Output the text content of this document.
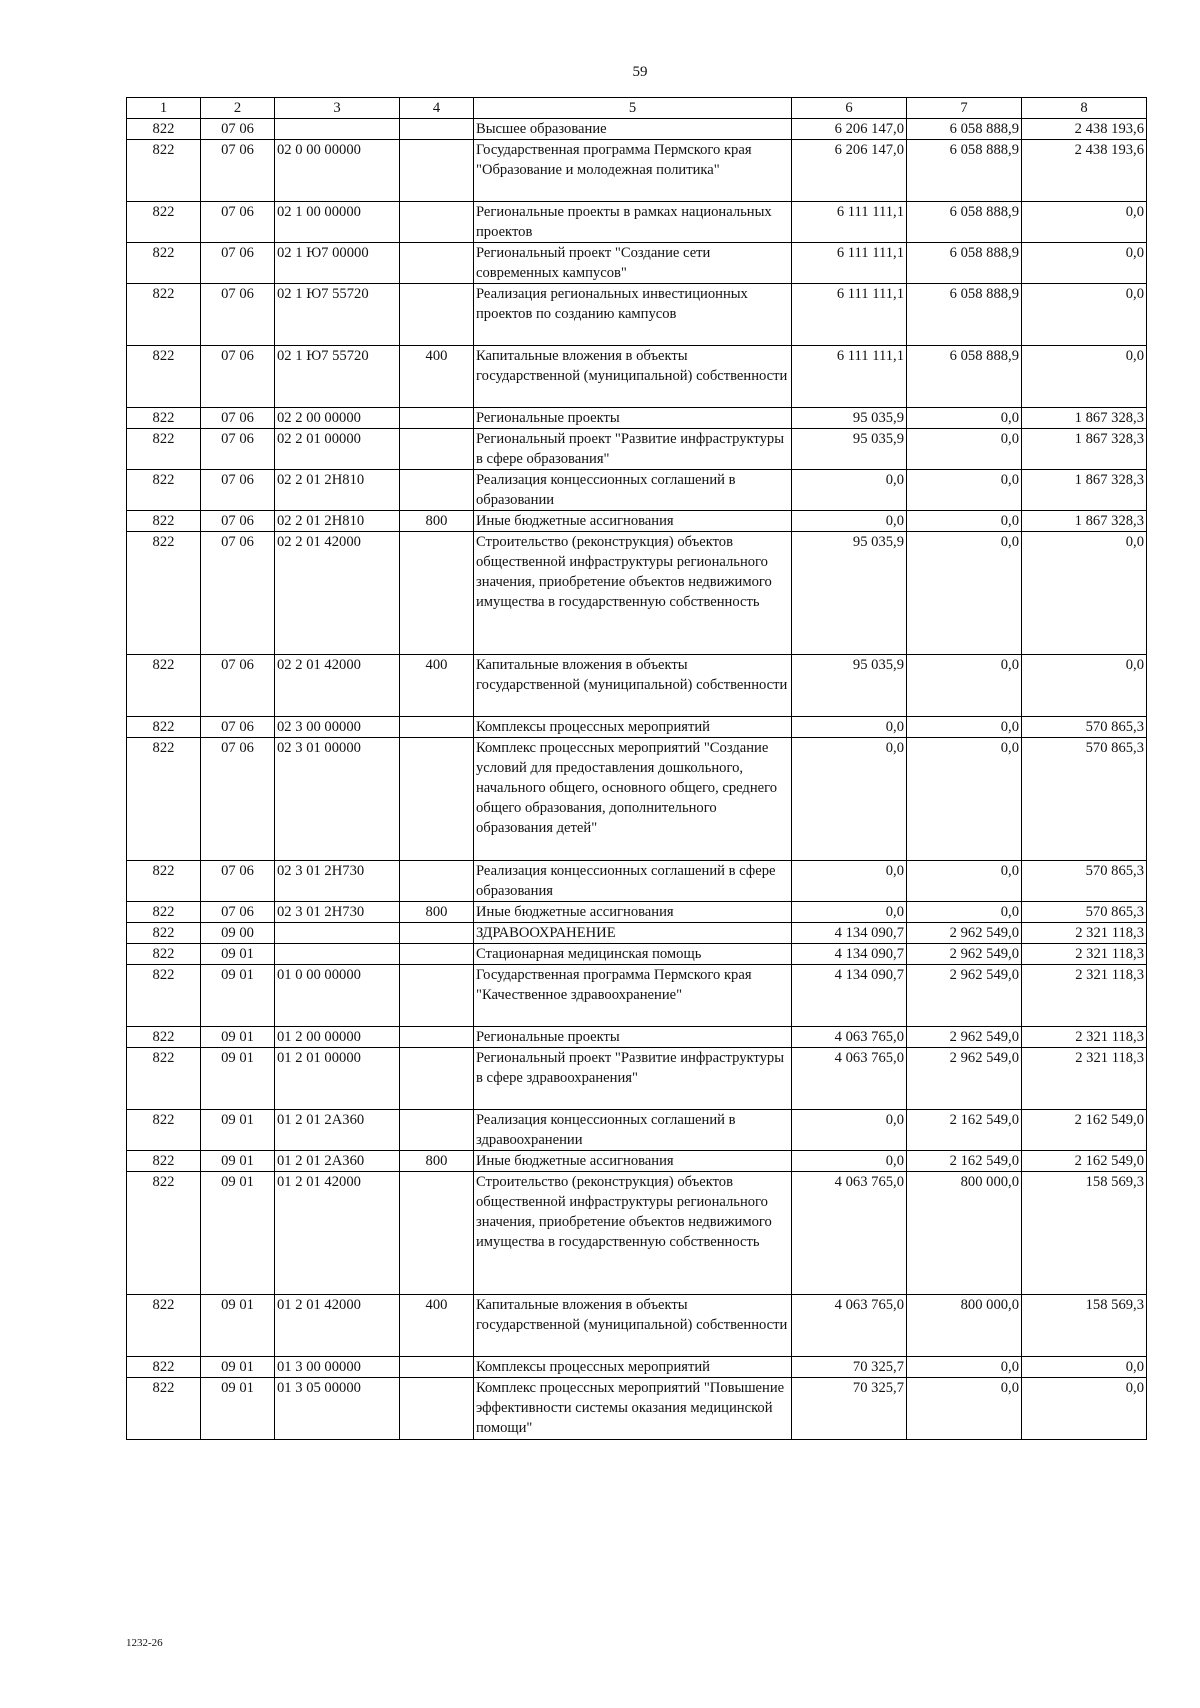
59
1	2	3	4	5	6	7	8
822	07 06			Высшее образование	6 206 147,0	6 058 888,9	2 438 193,6
822	07 06	02 0 00 00000		Государственная программа Пермского края "Образование и молодежная политика"	6 206 147,0	6 058 888,9	2 438 193,6
822	07 06	02 1 00 00000		Региональные проекты в рамках национальных проектов	6 111 111,1	6 058 888,9	0,0
822	07 06	02 1 Ю7 00000		Региональный проект "Создание сети современных кампусов"	6 111 111,1	6 058 888,9	0,0
822	07 06	02 1 Ю7 55720		Реализация региональных инвестиционных проектов по созданию кампусов	6 111 111,1	6 058 888,9	0,0
822	07 06	02 1 Ю7 55720	400	Капитальные вложения в объекты государственной (муниципальной) собственности	6 111 111,1	6 058 888,9	0,0
822	07 06	02 2 00 00000		Региональные проекты	95 035,9	0,0	1 867 328,3
822	07 06	02 2 01 00000		Региональный проект "Развитие инфраструктуры в сфере образования"	95 035,9	0,0	1 867 328,3
822	07 06	02 2 01 2Н810		Реализация концессионных соглашений в образовании	0,0	0,0	1 867 328,3
822	07 06	02 2 01 2Н810	800	Иные бюджетные ассигнования	0,0	0,0	1 867 328,3
822	07 06	02 2 01 42000		Строительство (реконструкция) объектов общественной инфраструктуры регионального значения, приобретение объектов недвижимого имущества в государственную собственность	95 035,9	0,0	0,0
822	07 06	02 2 01 42000	400	Капитальные вложения в объекты государственной (муниципальной) собственности	95 035,9	0,0	0,0
822	07 06	02 3 00 00000		Комплексы процессных мероприятий	0,0	0,0	570 865,3
822	07 06	02 3 01 00000		Комплекс процессных мероприятий "Создание условий для предоставления дошкольного, начального общего, основного общего, среднего общего образования, дополнительного образования детей"	0,0	0,0	570 865,3
822	07 06	02 3 01 2Н730		Реализация концессионных соглашений в сфере образования	0,0	0,0	570 865,3
822	07 06	02 3 01 2Н730	800	Иные бюджетные ассигнования	0,0	0,0	570 865,3
822	09 00			ЗДРАВООХРАНЕНИЕ	4 134 090,7	2 962 549,0	2 321 118,3
822	09 01			Стационарная медицинская помощь	4 134 090,7	2 962 549,0	2 321 118,3
822	09 01	01 0 00 00000		Государственная программа Пермского края "Качественное здравоохранение"	4 134 090,7	2 962 549,0	2 321 118,3
822	09 01	01 2 00 00000		Региональные проекты	4 063 765,0	2 962 549,0	2 321 118,3
822	09 01	01 2 01 00000		Региональный проект "Развитие инфраструктуры в сфере здравоохранения"	4 063 765,0	2 962 549,0	2 321 118,3
822	09 01	01 2 01 2А360		Реализация концессионных соглашений в здравоохранении	0,0	2 162 549,0	2 162 549,0
822	09 01	01 2 01 2А360	800	Иные бюджетные ассигнования	0,0	2 162 549,0	2 162 549,0
822	09 01	01 2 01 42000		Строительство (реконструкция) объектов общественной инфраструктуры регионального значения, приобретение объектов недвижимого имущества в государственную собственность	4 063 765,0	800 000,0	158 569,3
822	09 01	01 2 01 42000	400	Капитальные вложения в объекты государственной (муниципальной) собственности	4 063 765,0	800 000,0	158 569,3
822	09 01	01 3 00 00000		Комплексы процессных мероприятий	70 325,7	0,0	0,0
822	09 01	01 3 05 00000		Комплекс процессных мероприятий "Повышение эффективности системы оказания медицинской помощи"	70 325,7	0,0	0,0
1232-26
